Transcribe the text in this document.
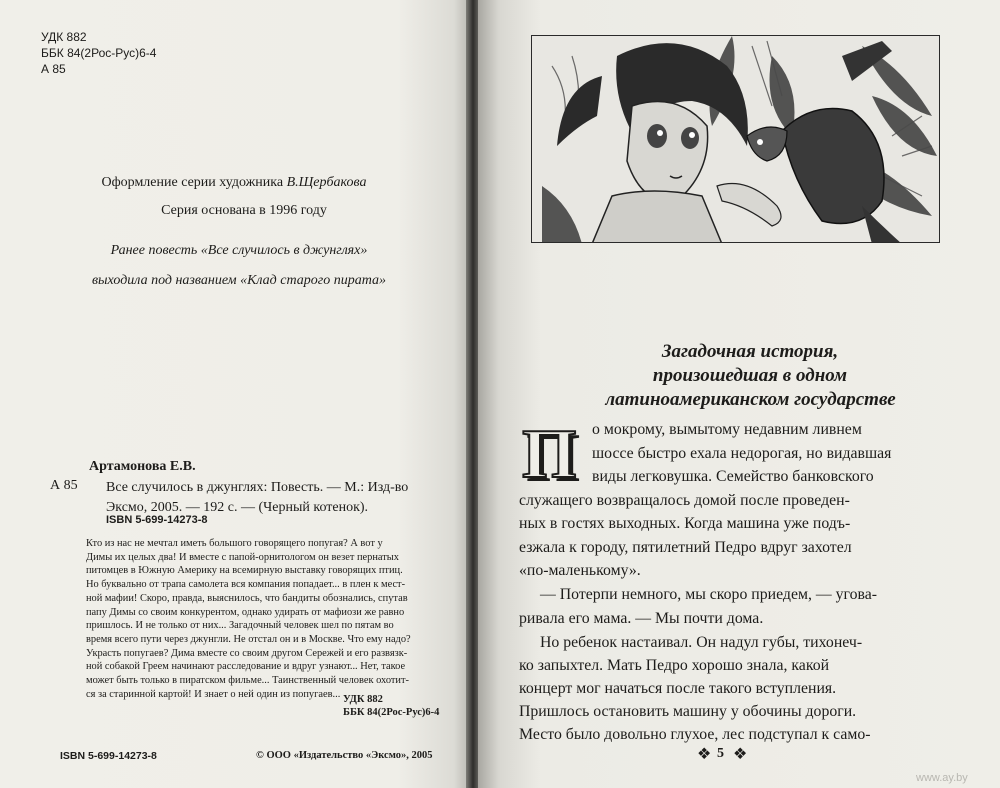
УДК 882
ББК 84(2Рос-Рус)6-4
А 85
Оформление серии художника В.Щербакова
Серия основана в 1996 году
Ранее повесть «Все случилось в джунглях»
выходила под названием «Клад старого пирата»
Артамонова Е.В.
А 85 Все случилось в джунглях: Повесть. — М.: Изд-во Эксмо, 2005. — 192 с. — (Черный котенок).
ISBN 5-699-14273-8
Кто из нас не мечтал иметь большого говорящего попугая? А вот у
Димы их целых два! И вместе с папой-орнитологом он везет пернатых
питомцев в Южную Америку на всемирную выставку говорящих птиц.
Но буквально от трапа самолета вся компания попадает... в плен к мест-
ной мафии! Скоро, правда, выяснилось, что бандиты обознались, спутав
папу Димы со своим конкурентом, однако удирать от мафиози же равно
пришлось. И не только от них... Загадочный человек шел по пятам во
время всего пути через джунгли. Не отстал он и в Москве. Что ему надо?
Украсть попугаев? Дима вместе со своим другом Сережей и его развязк-
ной собакой Греем начинают расследование и вдруг узнают... Нет, такое
может быть только в пиратском фильме... Таинственный человек охотит-
ся за старинной картой! И знает о ней один из попугаев... УДК 882
ББК 84(2Рос-Рус)6-4
ISBN 5-699-14273-8	© ООО «Издательство «Эксмо», 2005
Загадочная история,
произошедшая в одном
латиноамериканском государстве
П о мокрому, вымытому недавним ливнем
шоссе быстро ехала недорогая, но видавшая
виды легковушка. Семейство банковского
служащего возвращалось домой после проведен-
ных в гостях выходных. Когда машина уже подъ-
езжала к городу, пятилетний Педро вдруг захотел
«по-маленькому».
— Потерпи немного, мы скоро приедем, — угова-
ривала его мама. — Мы почти дома.
Но ребенок настаивал. Он надул губы, тихонеч-
ко запыхтел. Мать Педро хорошо знала, какой
концерт мог начаться после такого вступления.
Пришлось остановить машину у обочины дороги.
Место было довольно глухое, лес подступал к само-
❖ 5 ❖
www.ay.by
